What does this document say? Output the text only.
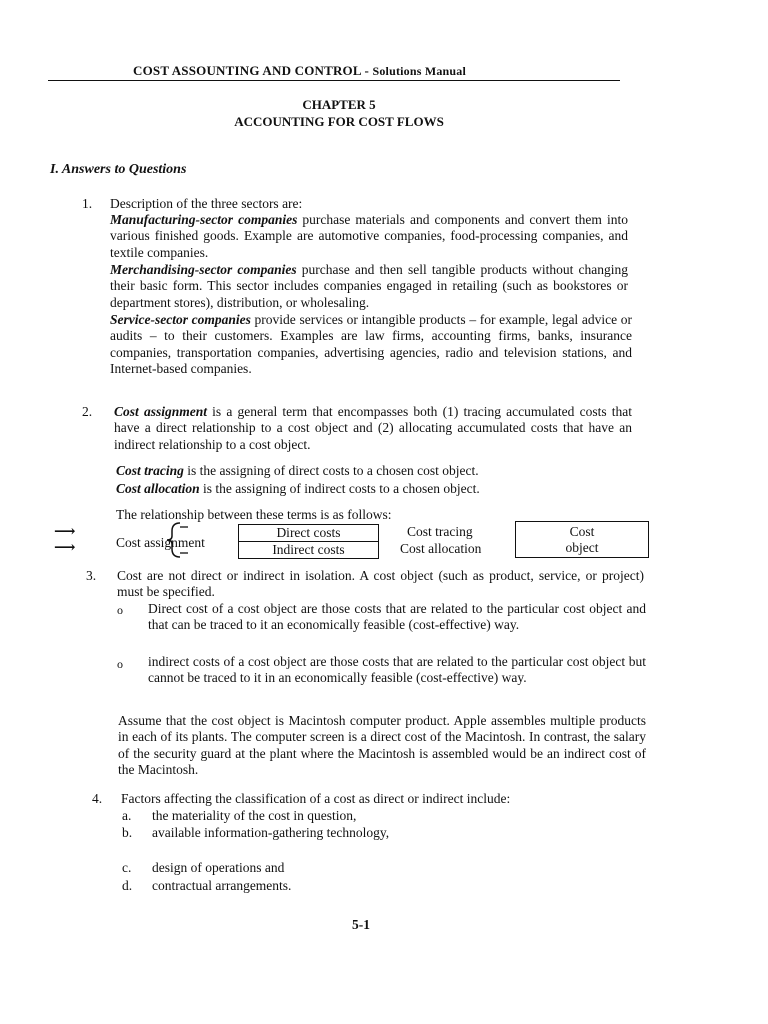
COST ASSOUNTING AND CONTROL - Solutions Manual
CHAPTER 5
ACCOUNTING FOR COST FLOWS
I. Answers to Questions
1. Description of the three sectors are:
Manufacturing-sector companies purchase materials and components and convert them into various finished goods. Example are automotive companies, food-processing companies, and textile companies.
Merchandising-sector companies purchase and then sell tangible products without changing their basic form. This sector includes companies engaged in retailing (such as bookstores or department stores), distribution, or wholesaling.
Service-sector companies provide services or intangible products – for example, legal advice or audits – to their customers. Examples are law firms, accounting firms, banks, insurance companies, transportation companies, advertising agencies, radio and television stations, and Internet-based companies.
2. Cost assignment is a general term that encompasses both (1) tracing accumulated costs that have a direct relationship to a cost object and (2) allocating accumulated costs that have an indirect relationship to a cost object.
Cost tracing is the assigning of direct costs to a chosen cost object.
Cost allocation is the assigning of indirect costs to a chosen object.
The relationship between these terms is as follows:
⟶
⟶	Cost assignment
Direct costs
Indirect costs
Cost tracing
Cost allocation
Cost
object
3. Cost are not direct or indirect in isolation. A cost object (such as product, service, or project) must be specified.
o Direct cost of a cost object are those costs that are related to the particular cost object and that can be traced to it an economically feasible (cost-effective) way.
o indirect costs of a cost object are those costs that are related to the particular cost object but cannot be traced to it in an economically feasible (cost-effective) way.
Assume that the cost object is Macintosh computer product. Apple assembles multiple products in each of its plants. The computer screen is a direct cost of the Macintosh. In contrast, the salary of the security guard at the plant where the Macintosh is assembled would be an indirect cost of the Macintosh.
4. Factors affecting the classification of a cost as direct or indirect include:
a. the materiality of the cost in question,
b. available information-gathering technology,
c. design of operations and
d. contractual arrangements.
5-1
